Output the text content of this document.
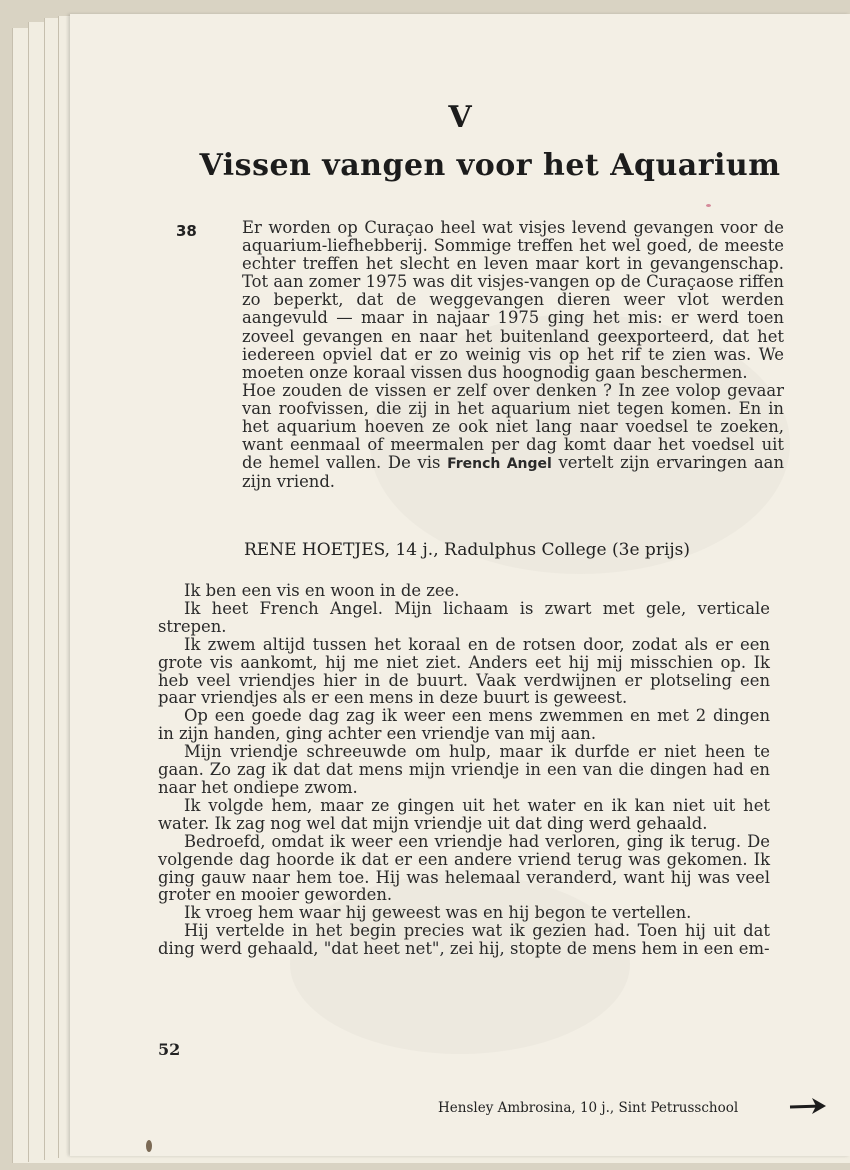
V
Vissen vangen voor het Aquarium
38	Er worden op Curaçao heel wat visjes levend gevangen voor de aquarium-liefhebberij. Sommige treffen het wel goed, de meeste echter treffen het slecht en leven maar kort in gevangenschap. Tot aan zomer 1975 was dit visjes-vangen op de Curaçaose riffen zo beperkt, dat de weggevangen dieren weer vlot werden aangevuld — maar in najaar 1975 ging het mis: er werd toen zoveel gevangen en naar het buitenland geexporteerd, dat het iedereen opviel dat er zo weinig vis op het rif te zien was. We moeten onze koraal vissen dus hoognodig gaan beschermen.

Hoe zouden de vissen er zelf over denken ? In zee volop gevaar van roofvissen, die zij in het aquarium niet tegen komen. En in het aquarium hoeven ze ook niet lang naar voedsel te zoeken, want eenmaal of meermalen per dag komt daar het voedsel uit de hemel vallen. De vis French Angel vertelt zijn ervaringen aan zijn vriend.

RENE HOETJES, 14 j., Radulphus College (3e prijs)

Ik ben een vis en woon in de zee.

Ik heet French Angel. Mijn lichaam is zwart met gele, verticale strepen.

Ik zwem altijd tussen het koraal en de rotsen door, zodat als er een grote vis aankomt, hij me niet ziet. Anders eet hij mij misschien op. Ik heb veel vriendjes hier in de buurt. Vaak verdwijnen er plotseling een paar vriendjes als er een mens in deze buurt is geweest.

Op een goede dag zag ik weer een mens zwemmen en met 2 dingen in zijn handen, ging achter een vriendje van mij aan.

Mijn vriendje schreeuwde om hulp, maar ik durfde er niet heen te gaan. Zo zag ik dat dat mens mijn vriendje in een van die dingen had en naar het ondiepe zwom.

Ik volgde hem, maar ze gingen uit het water en ik kan niet uit het water. Ik zag nog wel dat mijn vriendje uit dat ding werd gehaald.

Bedroefd, omdat ik weer een vriendje had verloren, ging ik terug. De volgende dag hoorde ik dat er een andere vriend terug was gekomen. Ik ging gauw naar hem toe. Hij was helemaal veranderd, want hij was veel groter en mooier geworden.

Ik vroeg hem waar hij geweest was en hij begon te vertellen.

Hij vertelde in het begin precies wat ik gezien had. Toen hij uit dat ding werd gehaald, "dat heet net", zei hij, stopte de mens hem in een em-

52
Hensley Ambrosina, 10 j., Sint Petrusschool
